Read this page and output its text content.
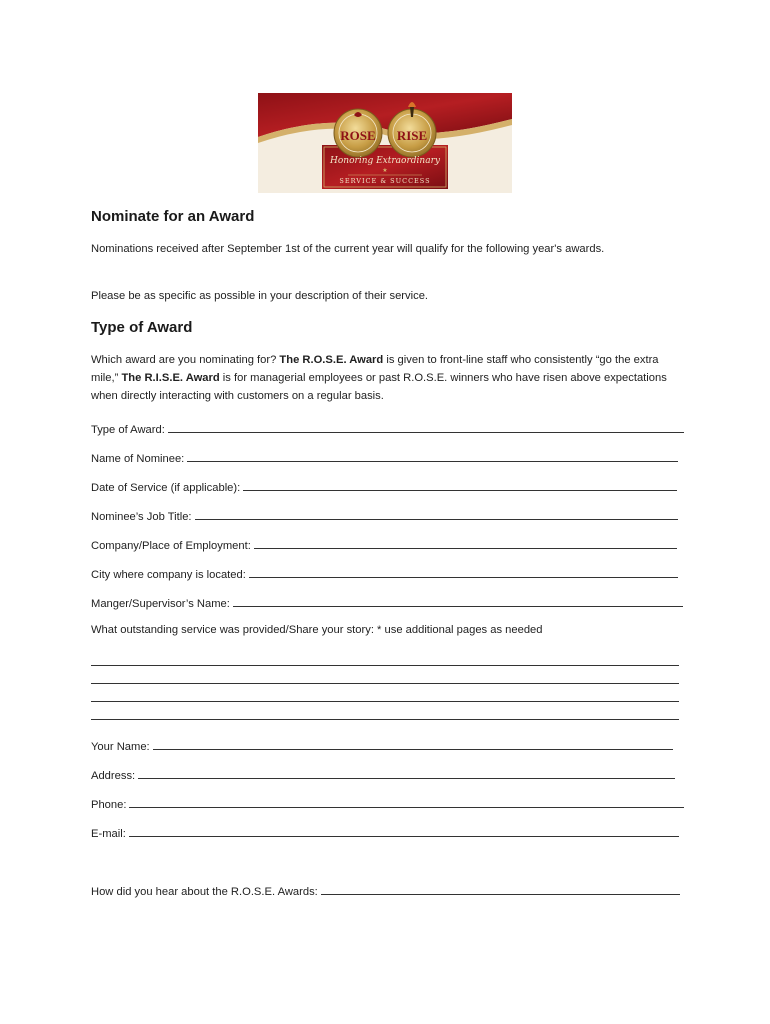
ROSE RISE
Honoring Extraordinary
★
SERVICE & SUCCESS
Nominate for an Award
Nominations received after September 1st of the current year will qualify for the following year's awards.
Please be as specific as possible in your description of their service.
Type of Award
Which award are you nominating for? The R.O.S.E. Award is given to front-line staff who consistently “go the extra mile,” The R.I.S.E. Award is for managerial employees or past R.O.S.E. winners who have risen above expectations when directly interacting with customers on a regular basis.
Type of Award:
Name of Nominee:
Date of Service (if applicable):
Nominee’s Job Title:
Company/Place of Employment:
City where company is located:
Manger/Supervisor’s Name:
What outstanding service was provided/Share your story: * use additional pages as needed
Your Name:
Address:
Phone:
E-mail:
How did you hear about the R.O.S.E. Awards:
